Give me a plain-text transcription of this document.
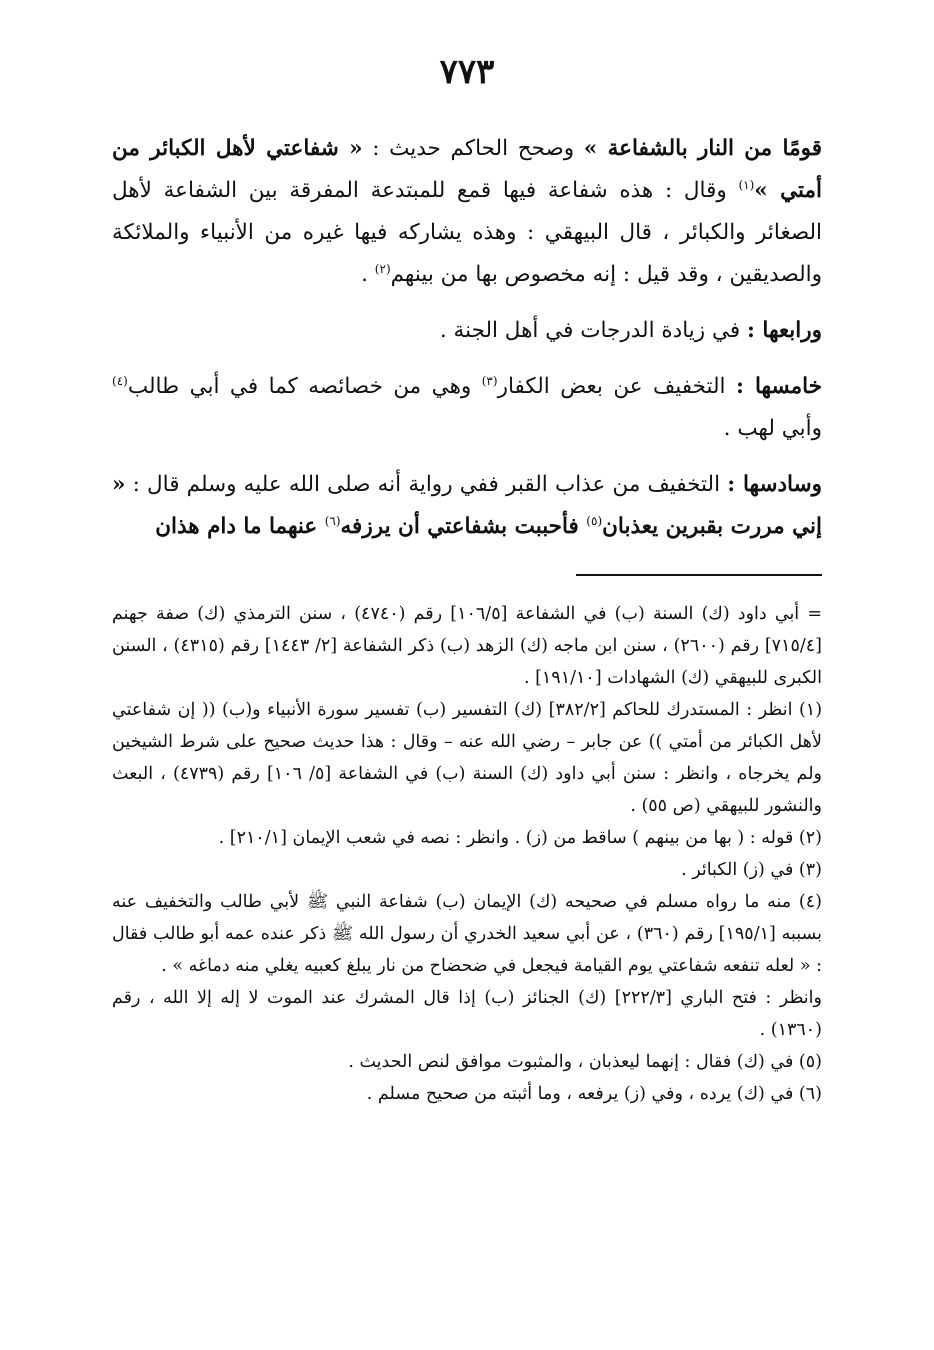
٧٧٣

قومًا من النار بالشفاعة » وصحح الحاكم حديث : « شفاعتي لأهل الكبائر من أمتي »$^{(١)}$ وقال : هذه شفاعة فيها قمع للمبتدعة المفرقة بين الشفاعة لأهل الصغائر والكبائر ، قال البيهقي : وهذه يشاركه فيها غيره من الأنبياء والملائكة والصديقين ، وقد قيل : إنه مخصوص بها من بينهم$^{(٢)}$ .

ورابعها : في زيادة الدرجات في أهل الجنة .

خامسها : التخفيف عن بعض الكفار$^{(٣)}$ وهي من خصائصه كما في أبي طالب$^{(٤)}$ وأبي لهب .

وسادسها : التخفيف من عذاب القبر ففي رواية أنه صلى الله عليه وسلم قال : « إني مررت بقبرين يعذبان$^{(٥)}$ فأحببت بشفاعتي أن يرزفه$^{(٦)}$ عنهما ما دام هذان

= أبي داود (ك) السنة (ب) في الشفاعة [١٠٦/٥] رقم (٤٧٤٠) ، سنن الترمذي (ك) صفة جهنم [٧١٥/٤] رقم (٢٦٠٠) ، سنن ابن ماجه (ك) الزهد (ب) ذكر الشفاعة [٢/ ١٤٤٣] رقم (٤٣١٥) ، السنن الكبرى للبيهقي (ك) الشهادات [١٩١/١٠] .

(١) انظر : المستدرك للحاكم [٣٨٢/٢] (ك) التفسير (ب) تفسير سورة الأنبياء و(ب) (( إن شفاعتي لأهل الكبائر من أمتي )) عن جابر – رضي الله عنه – وقال : هذا حديث صحيح على شرط الشيخين ولم يخرجاه ، وانظر : سنن أبي داود (ك) السنة (ب) في الشفاعة [٥/ ١٠٦] رقم (٤٧٣٩) ، البعث والنشور للبيهقي (ص ٥٥) .

(٢) قوله : ( بها من بينهم ) ساقط من (ز) . وانظر : نصه في شعب الإيمان [٢١٠/١] .

(٣) في (ز) الكبائر .

(٤) منه ما رواه مسلم في صحيحه (ك) الإيمان (ب) شفاعة النبي ﷺ لأبي طالب والتخفيف عنه بسببه [١٩٥/١] رقم (٣٦٠) ، عن أبي سعيد الخدري أن رسول الله ﷺ ذكر عنده عمه أبو طالب فقال : « لعله تنفعه شفاعتي يوم القيامة فيجعل في ضحضاح من نار يبلغ كعبيه يغلي منه دماغه » .

وانظر : فتح الباري [٢٢٢/٣] (ك) الجنائز (ب) إذا قال المشرك عند الموت لا إله إلا الله ، رقم (١٣٦٠) .

(٥) في (ك) فقال : إنهما ليعذبان ، والمثبوت موافق لنص الحديث .

(٦) في (ك) يرده ، وفي (ز) يرفعه ، وما أثبته من صحيح مسلم .
